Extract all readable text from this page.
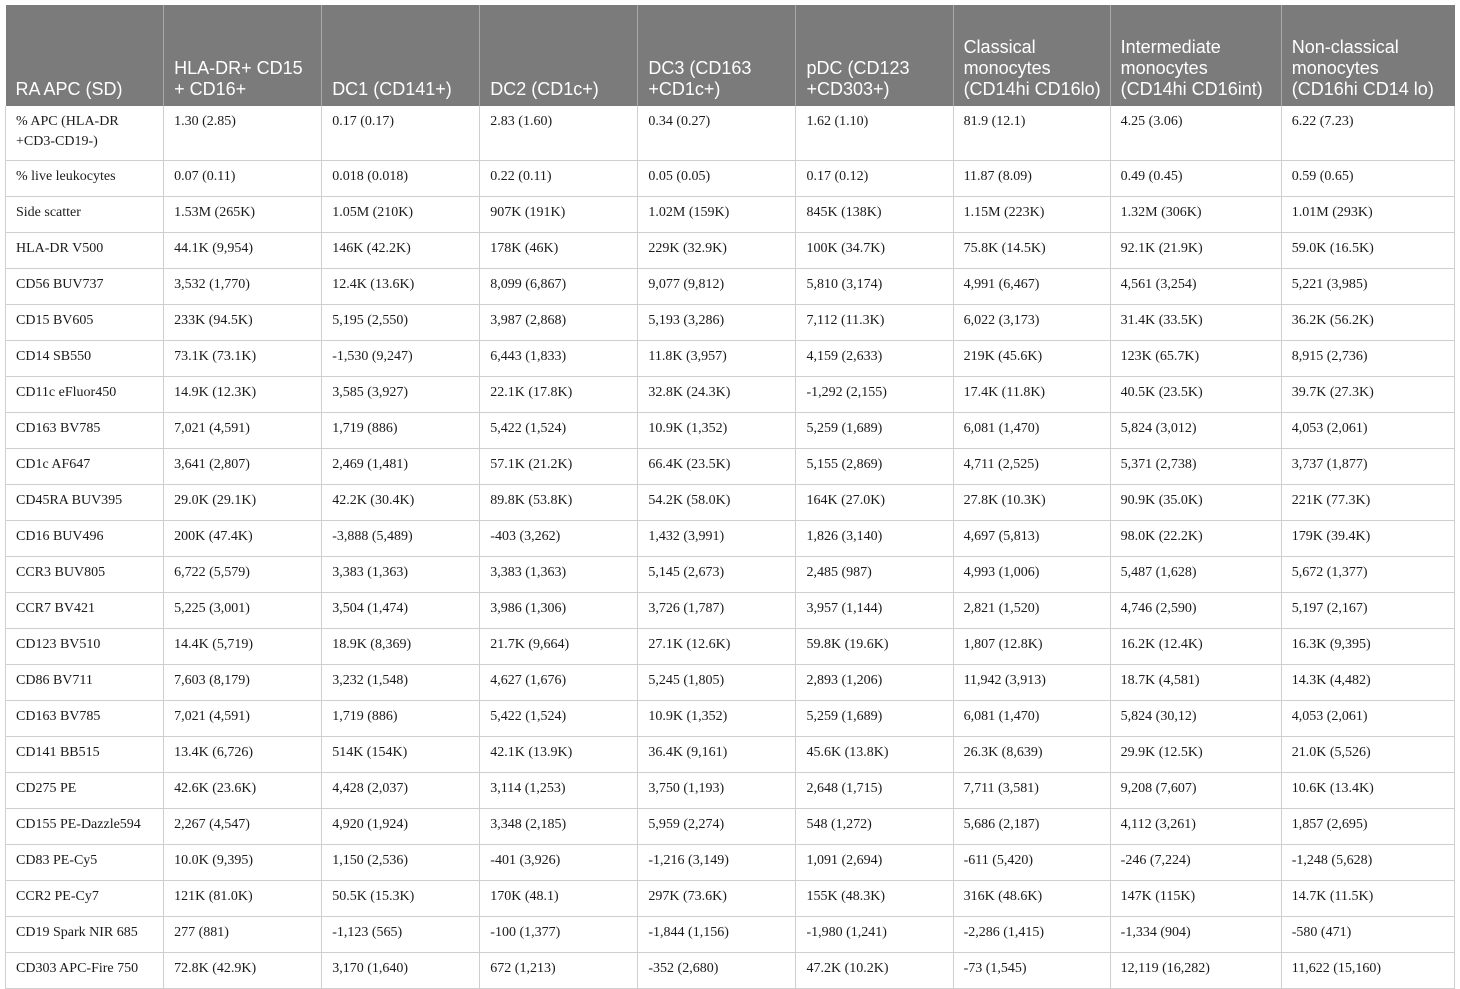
RA APC (SD)	HLA-DR+ CD15 + CD16+	DC1 (CD141+)	DC2 (CD1c+)	DC3 (CD163 +CD1c+)	pDC (CD123 +CD303+)	Classical monocytes (CD14hi CD16lo)	Intermediate monocytes (CD14hi CD16int)	Non-classical monocytes (CD16hi CD14 lo)
% APC (HLA-DR +CD3-CD19-)	1.30 (2.85)	0.17 (0.17)	2.83 (1.60)	0.34 (0.27)	1.62 (1.10)	81.9 (12.1)	4.25 (3.06)	6.22 (7.23)
% live leukocytes	0.07 (0.11)	0.018 (0.018)	0.22 (0.11)	0.05 (0.05)	0.17 (0.12)	11.87 (8.09)	0.49 (0.45)	0.59 (0.65)
Side scatter	1.53M (265K)	1.05M (210K)	907K (191K)	1.02M (159K)	845K (138K)	1.15M (223K)	1.32M (306K)	1.01M (293K)
HLA-DR V500	44.1K (9,954)	146K (42.2K)	178K (46K)	229K (32.9K)	100K (34.7K)	75.8K (14.5K)	92.1K (21.9K)	59.0K (16.5K)
CD56 BUV737	3,532 (1,770)	12.4K (13.6K)	8,099 (6,867)	9,077 (9,812)	5,810 (3,174)	4,991 (6,467)	4,561 (3,254)	5,221 (3,985)
CD15 BV605	233K (94.5K)	5,195 (2,550)	3,987 (2,868)	5,193 (3,286)	7,112 (11.3K)	6,022 (3,173)	31.4K (33.5K)	36.2K (56.2K)
CD14 SB550	73.1K (73.1K)	-1,530 (9,247)	6,443 (1,833)	11.8K (3,957)	4,159 (2,633)	219K (45.6K)	123K (65.7K)	8,915 (2,736)
CD11c eFluor450	14.9K (12.3K)	3,585 (3,927)	22.1K (17.8K)	32.8K (24.3K)	-1,292 (2,155)	17.4K (11.8K)	40.5K (23.5K)	39.7K (27.3K)
CD163 BV785	7,021 (4,591)	1,719 (886)	5,422 (1,524)	10.9K (1,352)	5,259 (1,689)	6,081 (1,470)	5,824 (3,012)	4,053 (2,061)
CD1c AF647	3,641 (2,807)	2,469 (1,481)	57.1K (21.2K)	66.4K (23.5K)	5,155 (2,869)	4,711 (2,525)	5,371 (2,738)	3,737 (1,877)
CD45RA BUV395	29.0K (29.1K)	42.2K (30.4K)	89.8K (53.8K)	54.2K (58.0K)	164K (27.0K)	27.8K (10.3K)	90.9K (35.0K)	221K (77.3K)
CD16 BUV496	200K (47.4K)	-3,888 (5,489)	-403 (3,262)	1,432 (3,991)	1,826 (3,140)	4,697 (5,813)	98.0K (22.2K)	179K (39.4K)
CCR3 BUV805	6,722 (5,579)	3,383 (1,363)	3,383 (1,363)	5,145 (2,673)	2,485 (987)	4,993 (1,006)	5,487 (1,628)	5,672 (1,377)
CCR7 BV421	5,225 (3,001)	3,504 (1,474)	3,986 (1,306)	3,726 (1,787)	3,957 (1,144)	2,821 (1,520)	4,746 (2,590)	5,197 (2,167)
CD123 BV510	14.4K (5,719)	18.9K (8,369)	21.7K (9,664)	27.1K (12.6K)	59.8K (19.6K)	1,807 (12.8K)	16.2K (12.4K)	16.3K (9,395)
CD86 BV711	7,603 (8,179)	3,232 (1,548)	4,627 (1,676)	5,245 (1,805)	2,893 (1,206)	11,942 (3,913)	18.7K (4,581)	14.3K (4,482)
CD163 BV785	7,021 (4,591)	1,719 (886)	5,422 (1,524)	10.9K (1,352)	5,259 (1,689)	6,081 (1,470)	5,824 (30,12)	4,053 (2,061)
CD141 BB515	13.4K (6,726)	514K (154K)	42.1K (13.9K)	36.4K (9,161)	45.6K (13.8K)	26.3K (8,639)	29.9K (12.5K)	21.0K (5,526)
CD275 PE	42.6K (23.6K)	4,428 (2,037)	3,114 (1,253)	3,750 (1,193)	2,648 (1,715)	7,711 (3,581)	9,208 (7,607)	10.6K (13.4K)
CD155 PE-Dazzle594	2,267 (4,547)	4,920 (1,924)	3,348 (2,185)	5,959 (2,274)	548 (1,272)	5,686 (2,187)	4,112 (3,261)	1,857 (2,695)
CD83 PE-Cy5	10.0K (9,395)	1,150 (2,536)	-401 (3,926)	-1,216 (3,149)	1,091 (2,694)	-611 (5,420)	-246 (7,224)	-1,248 (5,628)
CCR2 PE-Cy7	121K (81.0K)	50.5K (15.3K)	170K (48.1)	297K (73.6K)	155K (48.3K)	316K (48.6K)	147K (115K)	14.7K (11.5K)
CD19 Spark NIR 685	277 (881)	-1,123 (565)	-100 (1,377)	-1,844 (1,156)	-1,980 (1,241)	-2,286 (1,415)	-1,334 (904)	-580 (471)
CD303 APC-Fire 750	72.8K (42.9K)	3,170 (1,640)	672 (1,213)	-352 (2,680)	47.2K (10.2K)	-73 (1,545)	12,119 (16,282)	11,622 (15,160)
